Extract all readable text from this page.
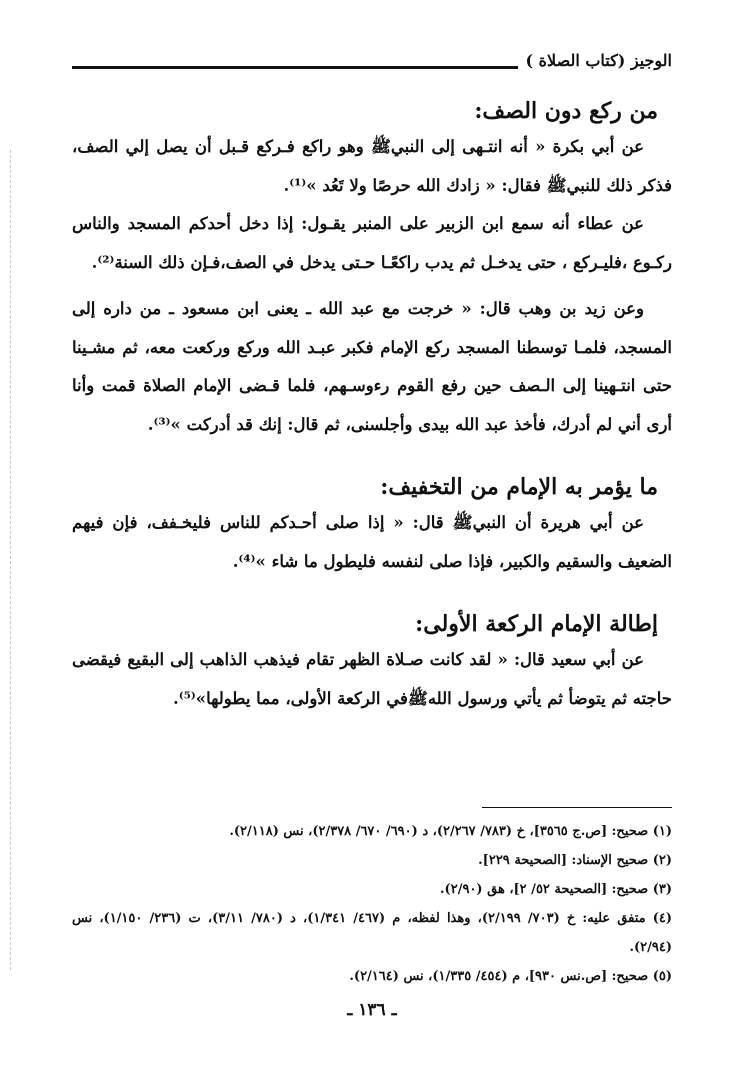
الوجيز (كتاب الصلاة )
من ركع دون الصف:

عن أبي بكرة « أنه انتـهى إلى النبيﷺ وهو راكع فـركع قـبل أن يصل إلي الصف، فذكر ذلك للنبيﷺ فقال: « زادك الله حرصًا ولا تَعُد »⁽¹⁾.

عن عطاء أنه سمع ابن الزبير على المنبر يقـول: إذا دخل أحدكم المسجد والناس ركـوع ،فليـركع ، حتى يدخـل ثم يدب راكعًـا حـتى يدخل في الصف،فـإن ذلك السنة⁽²⁾.

وعن زيد بن وهب قال: « خرجت مع عبد الله ـ يعنى ابن مسعود ـ من داره إلى المسجد، فلمـا توسطنا المسجد ركع الإمام فكبر عبـد الله وركع وركعت معه، ثم مشـينا حتى انتـهينا إلى الـصف حين رفع القوم رءوسـهم، فلما قـضى الإمام الصلاة قمت وأنا أرى أني لم أدرك، فأخذ عبد الله بيدى وأجلسنى، ثم قال: إنك قد أدركت »⁽³⁾.

ما يؤمر به الإمام من التخفيف:

عن أبي هريرة أن النبيﷺ قال: « إذا صلى أحـدكم للناس فليخـفف، فإن فيهم الضعيف والسقيم والكبير، فإذا صلى لنفسه فليطول ما شاء »⁽⁴⁾.

إطالة الإمام الركعة الأولى:

عن أبي سعيد قال: « لقد كانت صـلاة الظهر تقام فيذهب الذاهب إلى البقيع فيقضى حاجته ثم يتوضأ ثم يأتي ورسول اللهﷺفي الركعة الأولى، مما يطولها»⁽⁵⁾.

(١) صحيح: [ص.ج ٣٥٦٥]، خ (٧٨٣/ ٢/٢٦٧)، د (٦٩٠/ ٦٧٠/ ٢/٣٧٨)، نس (٢/١١٨).

(٢) صحيح الإسناد: [الصحيحة ٢٢٩].

(٣) صحيح: [الصحيحة ٥٢/ ٢]، هق (٢/٩٠).

(٤) متفق عليه: خ (٧٠٣/ ٢/١٩٩)، وهذا لفظه، م (٤٦٧/ ١/٣٤١)، د (٧٨٠/ ٣/١١)، ت (٢٣٦/ ١/١٥٠)، نس (٢/٩٤).

(٥) صحيح: [ص.نس ٩٣٠]، م (٤٥٤/ ١/٣٣٥)، نس (٢/١٦٤).

ـ ١٣٦ ـ
